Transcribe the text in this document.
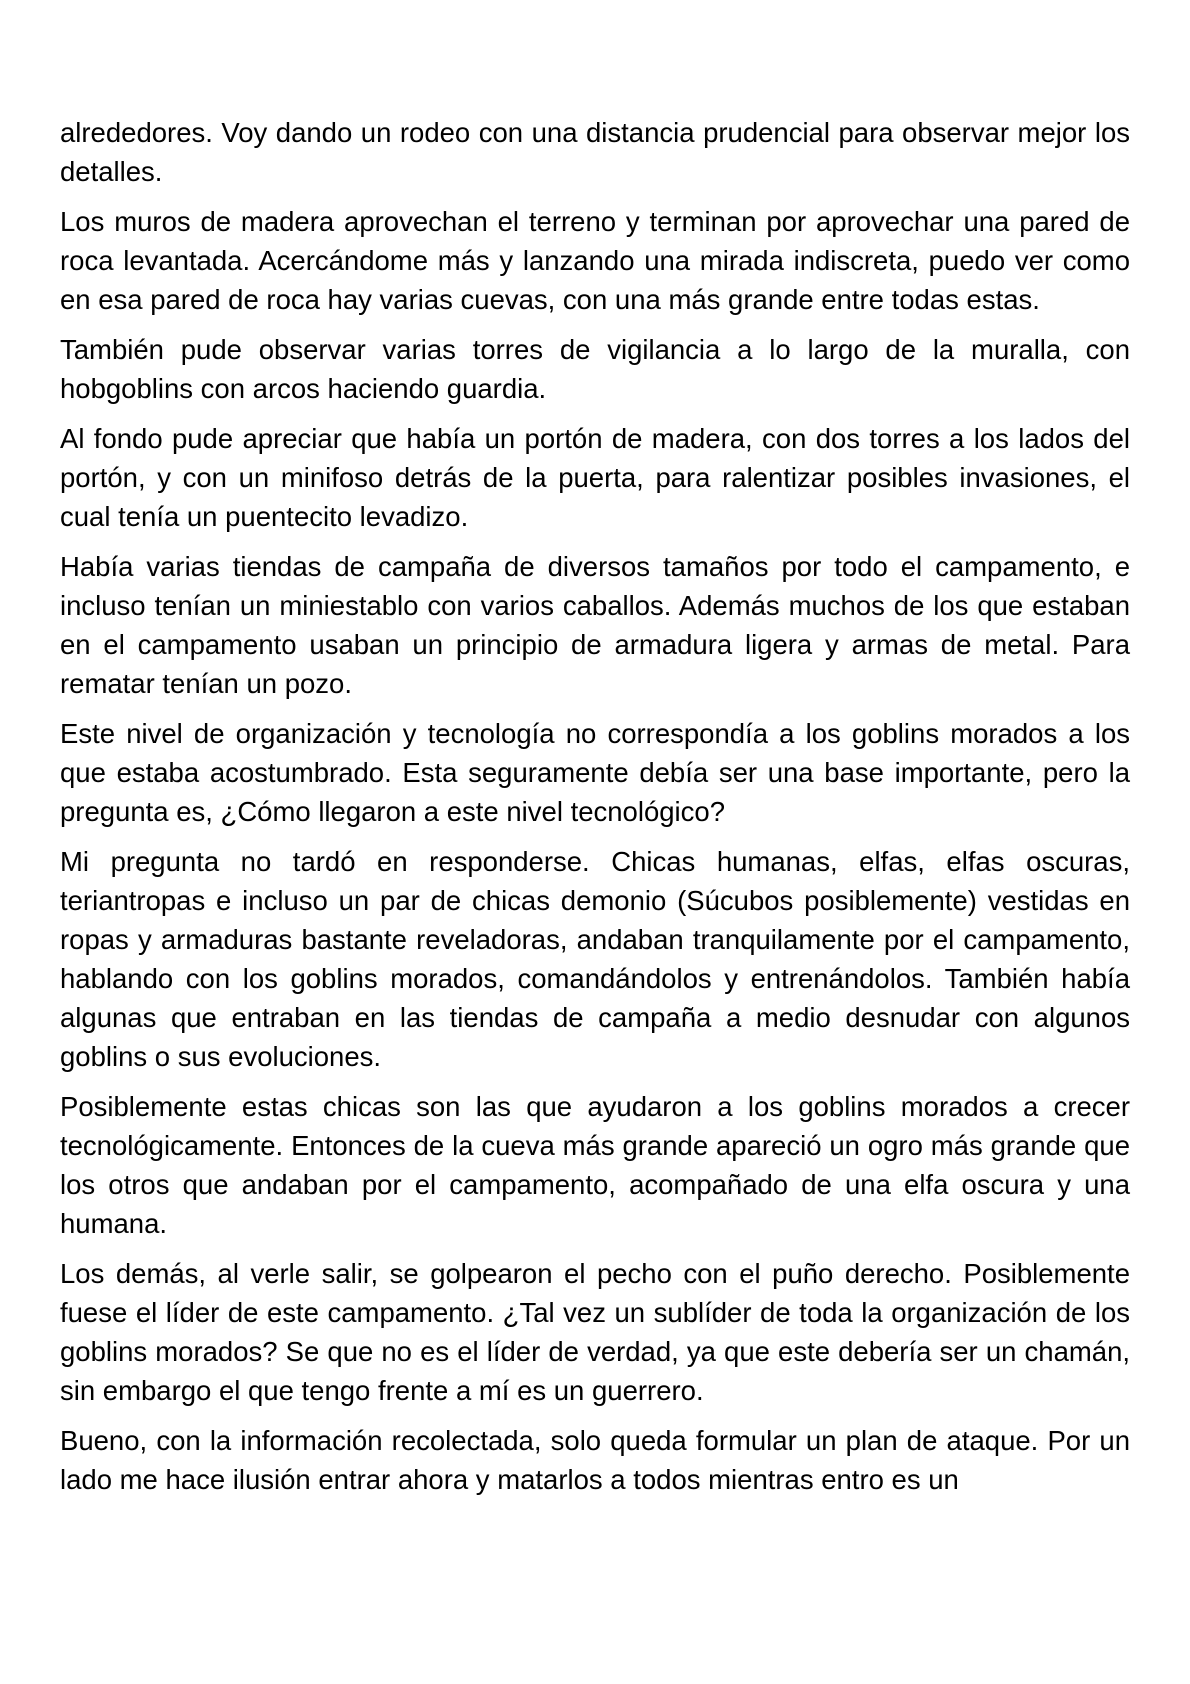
alrededores. Voy dando un rodeo con una distancia prudencial para observar mejor los detalles.

Los muros de madera aprovechan el terreno y terminan por aprovechar una pared de roca levantada. Acercándome más y lanzando una mirada indiscreta, puedo ver como en esa pared de roca hay varias cuevas, con una más grande entre todas estas.

También pude observar varias torres de vigilancia a lo largo de la muralla, con hobgoblins con arcos haciendo guardia.

Al fondo pude apreciar que había un portón de madera, con dos torres a los lados del portón, y con un minifoso detrás de la puerta, para ralentizar posibles invasiones, el cual tenía un puentecito levadizo.

Había varias tiendas de campaña de diversos tamaños por todo el campamento, e incluso tenían un miniestablo con varios caballos. Además muchos de los que estaban en el campamento usaban un principio de armadura ligera y armas de metal. Para rematar tenían un pozo.

Este nivel de organización y tecnología no correspondía a los goblins morados a los que estaba acostumbrado. Esta seguramente debía ser una base importante, pero la pregunta es, ¿Cómo llegaron a este nivel tecnológico?

Mi pregunta no tardó en responderse. Chicas humanas, elfas, elfas oscuras, teriantropas e incluso un par de chicas demonio (Súcubos posiblemente) vestidas en ropas y armaduras bastante reveladoras, andaban tranquilamente por el campamento, hablando con los goblins morados, comandándolos y entrenándolos. También había algunas que entraban en las tiendas de campaña a medio desnudar con algunos goblins o sus evoluciones.

Posiblemente estas chicas son las que ayudaron a los goblins morados a crecer tecnológicamente. Entonces de la cueva más grande apareció un ogro más grande que los otros que andaban por el campamento, acompañado de una elfa oscura y una humana.

Los demás, al verle salir, se golpearon el pecho con el puño derecho. Posiblemente fuese el líder de este campamento. ¿Tal vez un sublíder de toda la organización de los goblins morados? Se que no es el líder de verdad, ya que este debería ser un chamán, sin embargo el que tengo frente a mí es un guerrero.

Bueno, con la información recolectada, solo queda formular un plan de ataque. Por un lado me hace ilusión entrar ahora y matarlos a todos mientras entro es un
